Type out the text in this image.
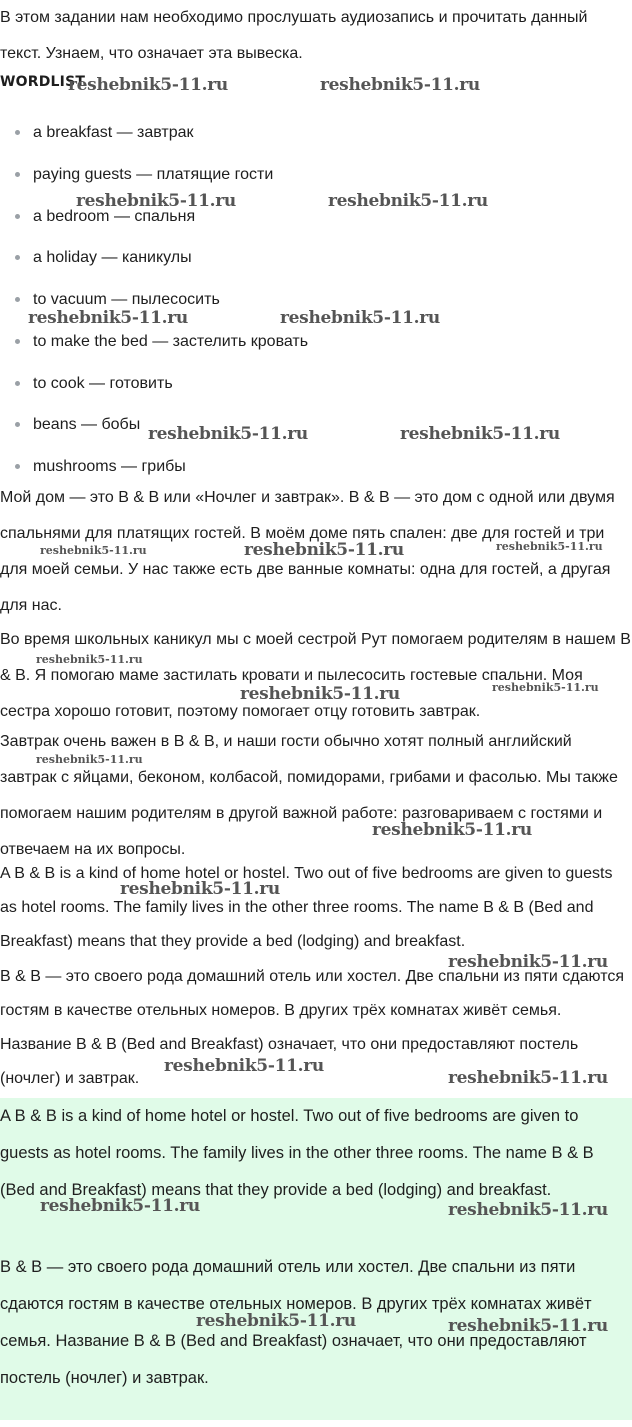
В этом задании нам необходимо прослушать аудиозапись и прочитать данный текст. Узнаем, что означает эта вывеска.

WORDLIST
a breakfast — завтрак
paying guests — платящие гости
a bedroom — спальня
a holiday — каникулы
to vacuum — пылесосить
to make the bed — застелить кровать
to cook — готовить
beans — бобы
mushrooms — грибы

Мой дом — это B & B или «Ночлег и завтрак». B & B — это дом с одной или двумя спальнями для платящих гостей. В моём доме пять спален: две для гостей и три для моей семьи. У нас также есть две ванные комнаты: одна для гостей, а другая для нас.

Во время школьных каникул мы с моей сестрой Рут помогаем родителям в нашем B & B. Я помогаю маме застилать кровати и пылесосить гостевые спальни. Моя сестра хорошо готовит, поэтому помогает отцу готовить завтрак.

Завтрак очень важен в B & B, и наши гости обычно хотят полный английский завтрак с яйцами, беконом, колбасой, помидорами, грибами и фасолью. Мы также помогаем нашим родителям в другой важной работе: разговариваем с гостями и отвечаем на их вопросы.

A B & B is a kind of home hotel or hostel. Two out of five bedrooms are given to guests as hotel rooms. The family lives in the other three rooms. The name B & B (Bed and Breakfast) means that they provide a bed (lodging) and breakfast.

B & B — это своего рода домашний отель или хостел. Две спальни из пяти сдаются гостям в качестве отельных номеров. В других трёх комнатах живёт семья. Название B & B (Bed and Breakfast) означает, что они предоставляют постель (ночлег) и завтрак.

A B & B is a kind of home hotel or hostel. Two out of five bedrooms are given to guests as hotel rooms. The family lives in the other three rooms. The name B & B (Bed and Breakfast) means that they provide a bed (lodging) and breakfast.

B & B — это своего рода домашний отель или хостел. Две спальни из пяти сдаются гостям в качестве отельных номеров. В других трёх комнатах живёт семья. Название B & B (Bed and Breakfast) означает, что они предоставляют постель (ночлег) и завтрак.

reshebnik5-11.ru	reshebnik5-11.ru
reshebnik5-11.ru	reshebnik5-11.ru
reshebnik5-11.ru	reshebnik5-11.ru
reshebnik5-11.ru	reshebnik5-11.ru
reshebnik5-11.ru	reshebnik5-11.ru	reshebnik5-11.ru
reshebnik5-11.ru
reshebnik5-11.ru	reshebnik5-11.ru
reshebnik5-11.ru
reshebnik5-11.ru
reshebnik5-11.ru
reshebnik5-11.ru
reshebnik5-11.ru
reshebnik5-11.ru
reshebnik5-11.ru	reshebnik5-11.ru
reshebnik5-11.ru	reshebnik5-11.ru
